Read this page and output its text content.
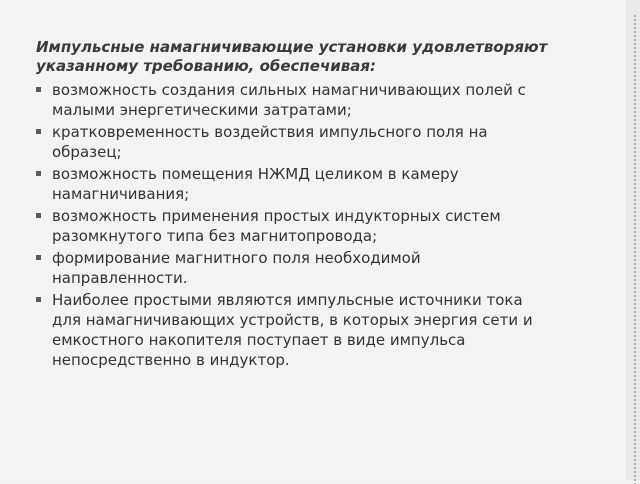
Импульсные намагничивающие установки удовлетворяют указанному требованию, обеспечивая:

возможность создания сильных намагничивающих полей с малыми энергетическими затратами;
кратковременность воздействия импульсного поля на образец;
возможность помещения НЖМД целиком в камеру намагничивания;
возможность применения простых индукторных систем разомкнутого типа без магнитопровода;
формирование магнитного поля необходимой направленности.
Наиболее простыми являются импульсные источники тока для намагничивающих устройств, в которых энергия сети и емкостного накопителя поступает в виде импульса непосредственно в индуктор.
